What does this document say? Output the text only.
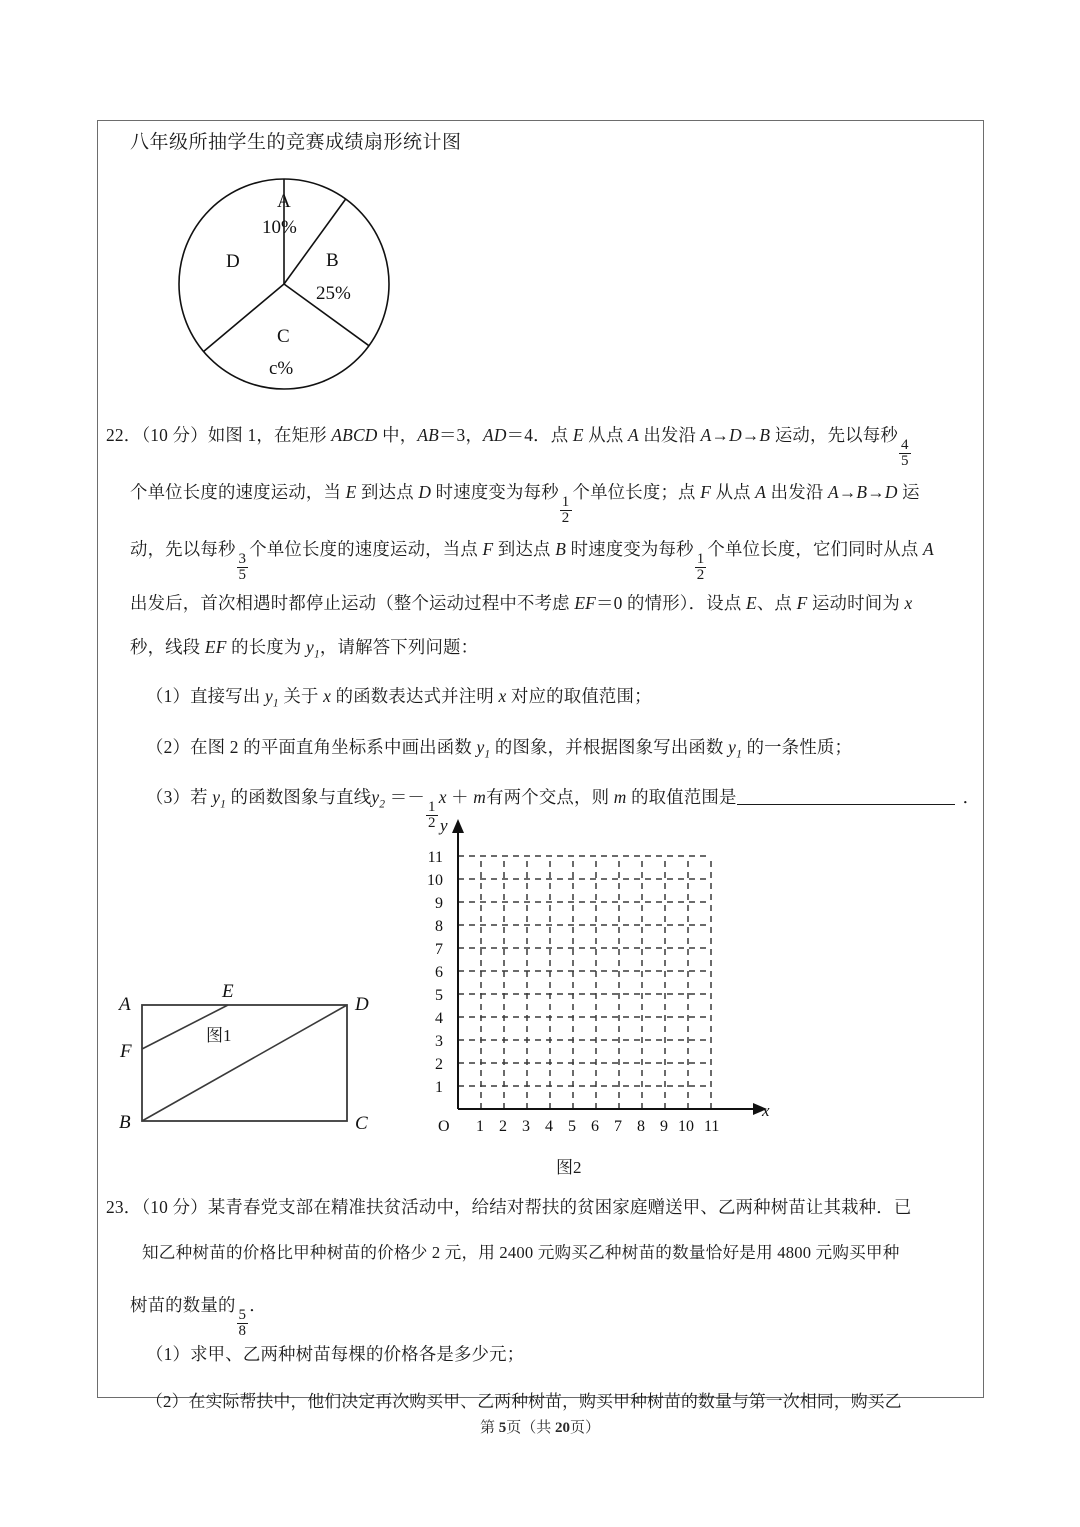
八年级所抽学生的竞赛成绩扇形统计图
A
10%
B
25%
C
c%
D
22．（10 分）如图 1，在矩形 ABCD 中，AB＝3，AD＝4．点 E 从点 A 出发沿 A→D→B 运动，先以每秒
$\frac{4}{5}$
个单位长度的速度运动，当 E 到达点 D 时速度变为每秒
$\frac{1}{2}$
个单位长度；点 F 从点 A 出发沿 A→B→D 运
动，先以每秒
$\frac{3}{5}$
个单位长度的速度运动，当点 F 到达点 B 时速度变为每秒
$\frac{1}{2}$
个单位长度，它们同时从点 A
出发后，首次相遇时都停止运动（整个运动过程中不考虑 EF＝0 的情形）．设点 E、点 F 运动时间为 x
秒，线段 EF 的长度为 $y_1$，请解答下列问题：
（1）直接写出 $y_1$ 关于 x 的函数表达式并注明 x 对应的取值范围；
（2）在图 2 的平面直角坐标系中画出函数 $y_1$ 的图象，并根据图象写出函数 $y_1$ 的一条性质；
（3）若 $y_1$ 的函数图象与直线$y_2$ ＝－
$\frac{1}{2}$
x ＋ m有两个交点，则 m 的取值范围是	．
A
B	C
D
E
F
图1
y
x
O 1 2 3 4 5 6 7 8 9 10 11
1
2
3
4
5
6
7
8
9
10
11
图2
23．（10 分）某青春党支部在精准扶贫活动中，给结对帮扶的贫困家庭赠送甲、乙两种树苗让其栽种．已
知乙种树苗的价格比甲种树苗的价格少 2 元，用 2400 元购买乙种树苗的数量恰好是用 4800 元购买甲种
树苗的数量的
$\frac{5}{8}$
．
（1）求甲、乙两种树苗每棵的价格各是多少元；
（2）在实际帮扶中，他们决定再次购买甲、乙两种树苗，购买甲种树苗的数量与第一次相同，购买乙
第 5页（共 20页）
